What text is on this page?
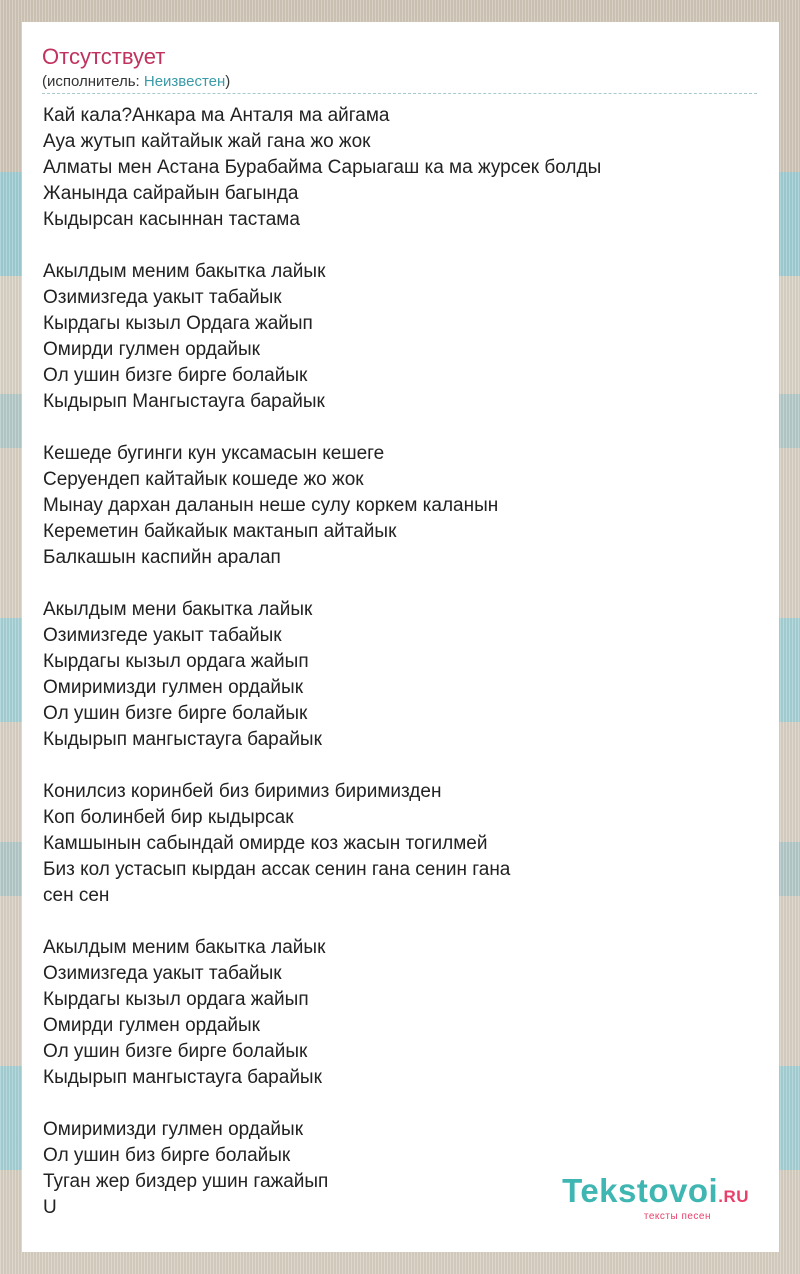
Отсутствует
(исполнитель: Неизвестен)
Кай кала?Анкара ма Анталя ма айгама
Ауа жутып кайтайык жай гана жо жок
Алматы мен Астана Бурабайма Сарыагаш ка ма журсек болды
Жанында сайрайын багында
Кыдырсан касыннан тастама
Акылдым меним бакытка лайык
Озимизгеда уакыт табайык
Кырдагы кызыл Ордага жайып
Омирди гулмен ордайык
Ол ушин бизге бирге болайык
Кыдырып Мангыстауга барайык
Кешеде бугинги кун уксамасын кешеге
Серуендеп кайтайык кошеде жо жок
Мынау дархан даланын неше сулу коркем каланын
Кереметин байкайык мактанып айтайык
Балкашын каспийн аралап
Акылдым мени бакытка лайык
Озимизгеде уакыт табайык
Кырдагы кызыл ордага жайып
Омиримизди гулмен ордайык
Ол ушин бизге бирге болайык
Кыдырып мангыстауга барайык
Конилсиз коринбей биз биримиз биримизден
Коп болинбей бир кыдырсак
Камшынын сабындай омирде коз жасын тогилмей
Биз кол устасып кырдан ассак сенин гана сенин гана
сен сен
Акылдым меним бакытка лайык
Озимизгеда уакыт табайык
Кырдагы кызыл ордага жайып
Омирди гулмен ордайык
Ол ушин бизге бирге болайык
Кыдырып мангыстауга барайык
Омиримизди гулмен ордайык
Ол ушин биз бирге болайык
Туган жер биздер ушин гажайып
U	Tekstovoi.RU
тексты песен
